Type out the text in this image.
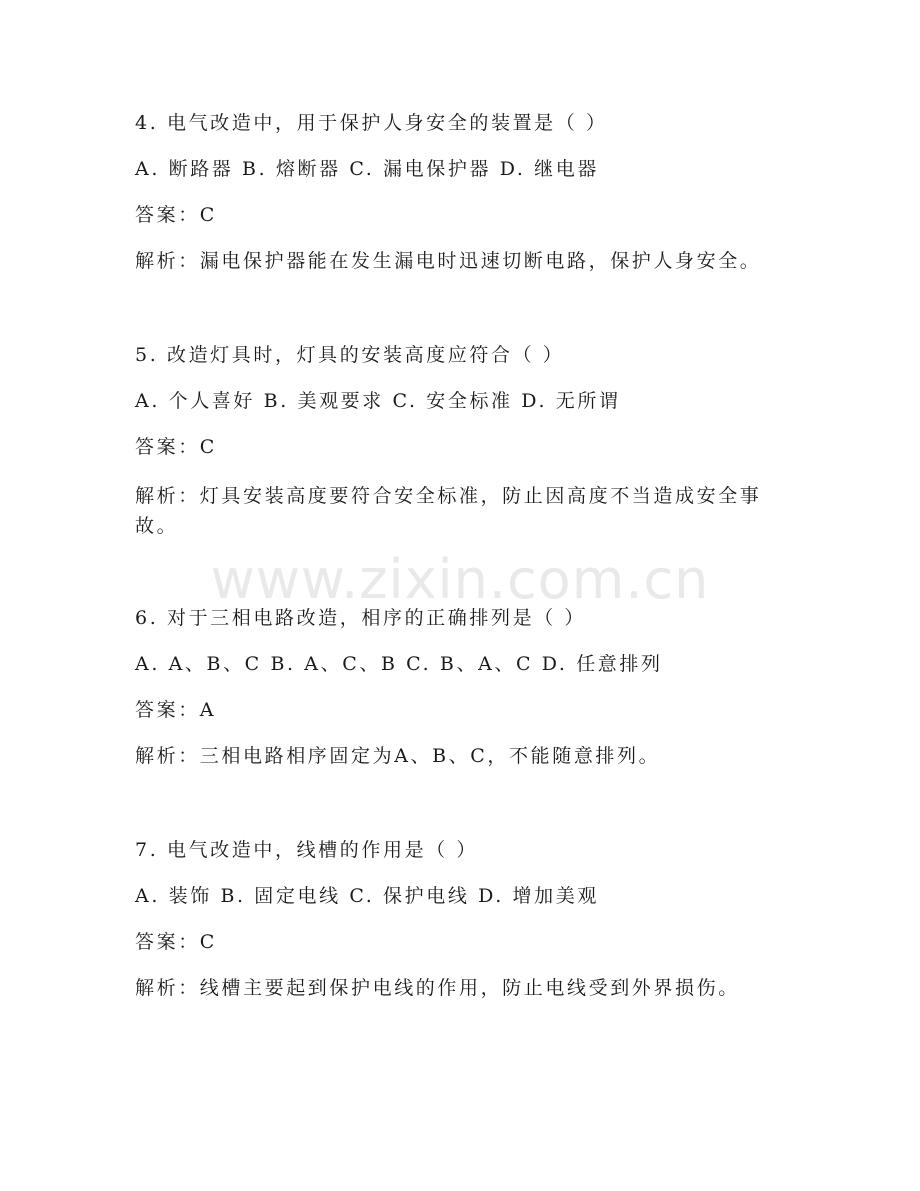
4. 电气改造中，用于保护人身安全的装置是（ ）
A. 断路器 B. 熔断器 C. 漏电保护器 D. 继电器
答案：C
解析：漏电保护器能在发生漏电时迅速切断电路，保护人身安全。
5. 改造灯具时，灯具的安装高度应符合（ ）
A. 个人喜好 B. 美观要求 C. 安全标准 D. 无所谓
答案：C
解析：灯具安装高度要符合安全标准，防止因高度不当造成安全事故。
6. 对于三相电路改造，相序的正确排列是（ ）
A. A、B、C B. A、C、B C. B、A、C D. 任意排列
答案：A
解析：三相电路相序固定为A、B、C，不能随意排列。
7. 电气改造中，线槽的作用是（ ）
A. 装饰 B. 固定电线 C. 保护电线 D. 增加美观
答案：C
解析：线槽主要起到保护电线的作用，防止电线受到外界损伤。
www.zixin.com.cn
